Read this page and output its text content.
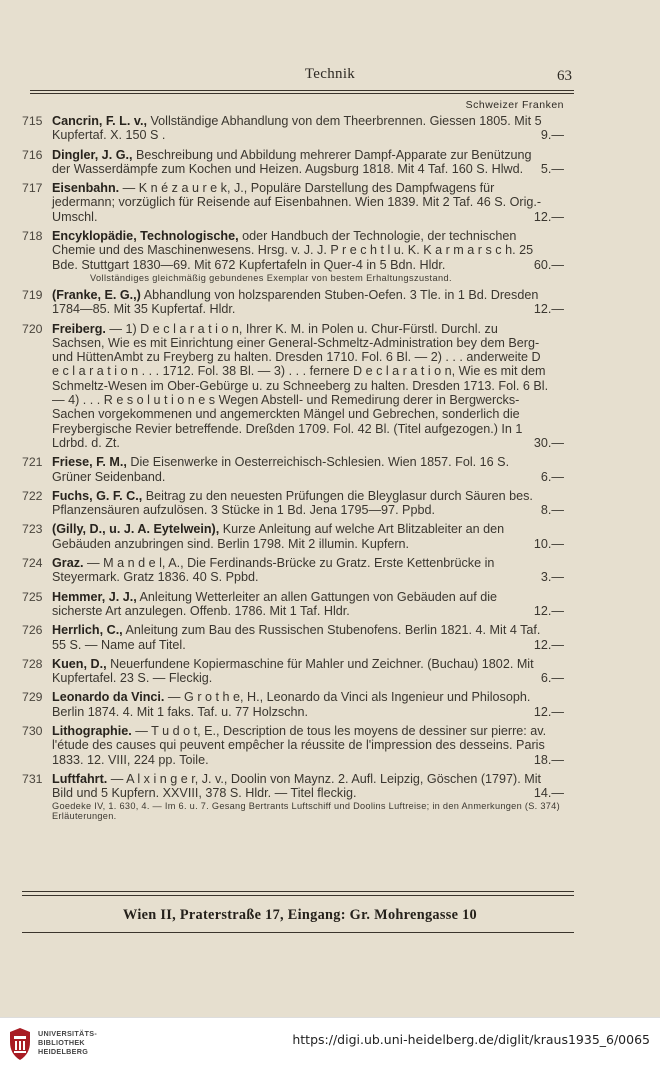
Technik	63
Schweizer Franken
715 Cancrin, F. L. v., Vollständige Abhandlung von dem Theerbrennen. Giessen 1805. Mit 5 Kupfertaf. X. 150 S .	9.—
716 Dingler, J. G., Beschreibung und Abbildung mehrerer Dampf-Apparate zur Benützung der Wasserdämpfe zum Kochen und Heizen. Augsburg 1818. Mit 4 Taf. 160 S. Hlwd.	5.—
717 Eisenbahn. — K n é z a u r e k, J., Populäre Darstellung des Dampfwagens für jedermann; vorzüglich für Reisende auf Eisenbahnen. Wien 1839. Mit 2 Taf. 46 S. Orig.-Umschl.	12.—
718 Encyklopädie, Technologische, oder Handbuch der Technologie, der technischen Chemie und des Maschinenwesens. Hrsg. v. J. J. P r e c h t l u. K. K a r m a r s c h. 25 Bde. Stuttgart 1830—69. Mit 672 Kupfertafeln in Quer-4 in 5 Bdn. Hldr.	60.—
Vollständiges gleichmäßig gebundenes Exemplar von bestem Erhaltungszustand.
719 (Franke, E. G.,) Abhandlung von holzsparenden Stuben-Oefen. 3 Tle. in 1 Bd. Dresden 1784—85. Mit 35 Kupfertaf. Hldr.	12.—
720 Freiberg. — 1) D e c l a r a t i o n, Ihrer K. M. in Polen u. Chur-Fürstl. Durchl. zu Sachsen, Wie es mit Einrichtung einer General-Schmeltz-Administration bey dem Berg- und HüttenAmbt zu Freyberg zu halten. Dresden 1710. Fol. 6 Bl. — 2) . . . anderweite D e c l a r a t i o n . . . 1712. Fol. 38 Bl. — 3) . . . fernere D e c l a r a t i o n, Wie es mit dem Schmeltz-Wesen im Ober-Gebürge u. zu Schneeberg zu halten. Dresden 1713. Fol. 6 Bl. — 4) . . . R e s o l u t i o n e s Wegen Abstell- und Remedirung derer in Bergwercks-Sachen vorgekommenen und angemerckten Mängel und Gebrechen, sonderlich die Freybergische Revier betreffende. Dreßden 1709. Fol. 42 Bl. (Titel aufgezogen.) In 1 Ldrbd. d. Zt.	30.—
721 Friese, F. M., Die Eisenwerke in Oesterreichisch-Schlesien. Wien 1857. Fol. 16 S. Grüner Seidenband.	6.—
722 Fuchs, G. F. C., Beitrag zu den neuesten Prüfungen die Bleyglasur durch Säuren bes. Pflanzensäuren aufzulösen. 3 Stücke in 1 Bd. Jena 1795—97. Ppbd.	8.—
723 (Gilly, D., u. J. A. Eytelwein), Kurze Anleitung auf welche Art Blitzableiter an den Gebäuden anzubringen sind. Berlin 1798. Mit 2 illumin. Kupfern.	10.—
724 Graz. — M a n d e l, A., Die Ferdinands-Brücke zu Gratz. Erste Kettenbrücke in Steyermark. Gratz 1836. 40 S. Ppbd.	3.—
725 Hemmer, J. J., Anleitung Wetterleiter an allen Gattungen von Gebäuden auf die sicherste Art anzulegen. Offenb. 1786. Mit 1 Taf. Hldr.	12.—
726 Herrlich, C., Anleitung zum Bau des Russischen Stubenofens. Berlin 1821. 4. Mit 4 Taf. 55 S. — Name auf Titel.	12.—
728 Kuen, D., Neuerfundene Kopiermaschine für Mahler und Zeichner. (Buchau) 1802. Mit Kupfertafel. 23 S. — Fleckig.	6.—
729 Leonardo da Vinci. — G r o t h e, H., Leonardo da Vinci als Ingenieur und Philosoph. Berlin 1874. 4. Mit 1 faks. Taf. u. 77 Holzschn.	12.—
730 Lithographie. — T u d o t, E., Description de tous les moyens de dessiner sur pierre: av. l'étude des causes qui peuvent empêcher la réussite de l'impression des desseins. Paris 1833. 12. VIII, 224 pp. Toile.	18.—
731 Luftfahrt. — A l x i n g e r, J. v., Doolin von Maynz. 2. Aufl. Leipzig, Göschen (1797). Mit Bild und 5 Kupfern. XXVIII, 378 S. Hldr. — Titel fleckig.	14.—
Goedeke IV, 1. 630, 4. — Im 6. u. 7. Gesang Bertrants Luftschiff und Doolins Luftreise; in den Anmerkungen (S. 374) Erläuterungen.
Wien II, Praterstraße 17, Eingang: Gr. Mohrengasse 10
UNIVERSITÄTS-
BIBLIOTHEK
HEIDELBERG
https://digi.ub.uni-heidelberg.de/diglit/kraus1935_6/0065
